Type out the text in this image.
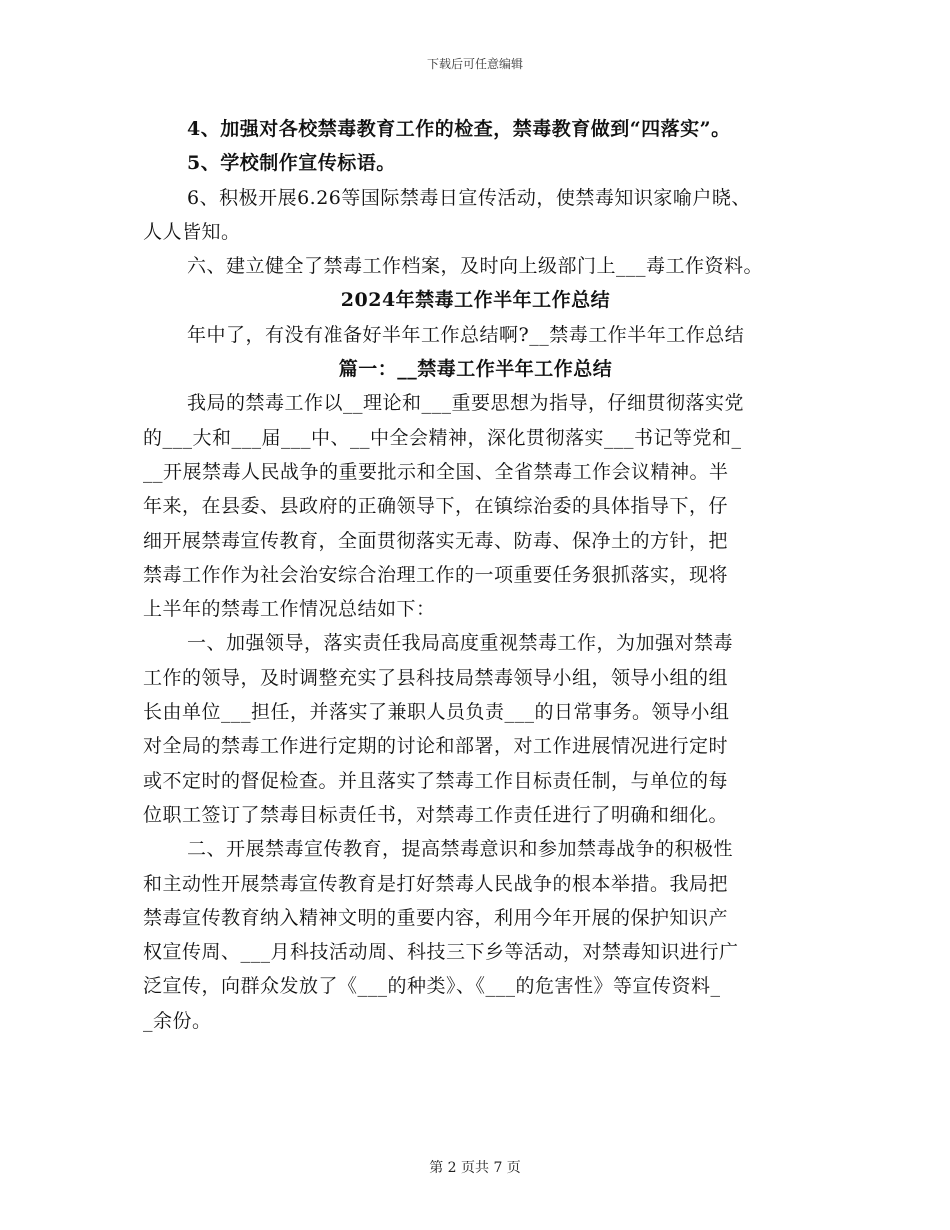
下载后可任意编辑
4、加强对各校禁毒教育工作的检查，禁毒教育做到“四落实”。
5、学校制作宣传标语。
6、积极开展6.26等国际禁毒日宣传活动，使禁毒知识家喻户晓、
人人皆知。
六、建立健全了禁毒工作档案，及时向上级部门上___毒工作资料。
2024年禁毒工作半年工作总结
年中了，有没有准备好半年工作总结啊?__禁毒工作半年工作总结
篇一：__禁毒工作半年工作总结
我局的禁毒工作以__理论和___重要思想为指导，仔细贯彻落实党
的___大和___届___中、__中全会精神，深化贯彻落实___书记等党和_
__开展禁毒人民战争的重要批示和全国、全省禁毒工作会议精神。半
年来，在县委、县政府的正确领导下，在镇综治委的具体指导下，仔
细开展禁毒宣传教育，全面贯彻落实无毒、防毒、保净土的方针，把
禁毒工作作为社会治安综合治理工作的一项重要任务狠抓落实，现将
上半年的禁毒工作情况总结如下：
一、加强领导，落实责任我局高度重视禁毒工作，为加强对禁毒
工作的领导，及时调整充实了县科技局禁毒领导小组，领导小组的组
长由单位___担任，并落实了兼职人员负责___的日常事务。领导小组
对全局的禁毒工作进行定期的讨论和部署，对工作进展情况进行定时
或不定时的督促检查。并且落实了禁毒工作目标责任制，与单位的每
位职工签订了禁毒目标责任书，对禁毒工作责任进行了明确和细化。
二、开展禁毒宣传教育，提高禁毒意识和参加禁毒战争的积极性
和主动性开展禁毒宣传教育是打好禁毒人民战争的根本举措。我局把
禁毒宣传教育纳入精神文明的重要内容，利用今年开展的保护知识产
权宣传周、___月科技活动周、科技三下乡等活动，对禁毒知识进行广
泛宣传，向群众发放了《___的种类》、《___的危害性》等宣传资料_
_余份。
第 2 页共 7 页
